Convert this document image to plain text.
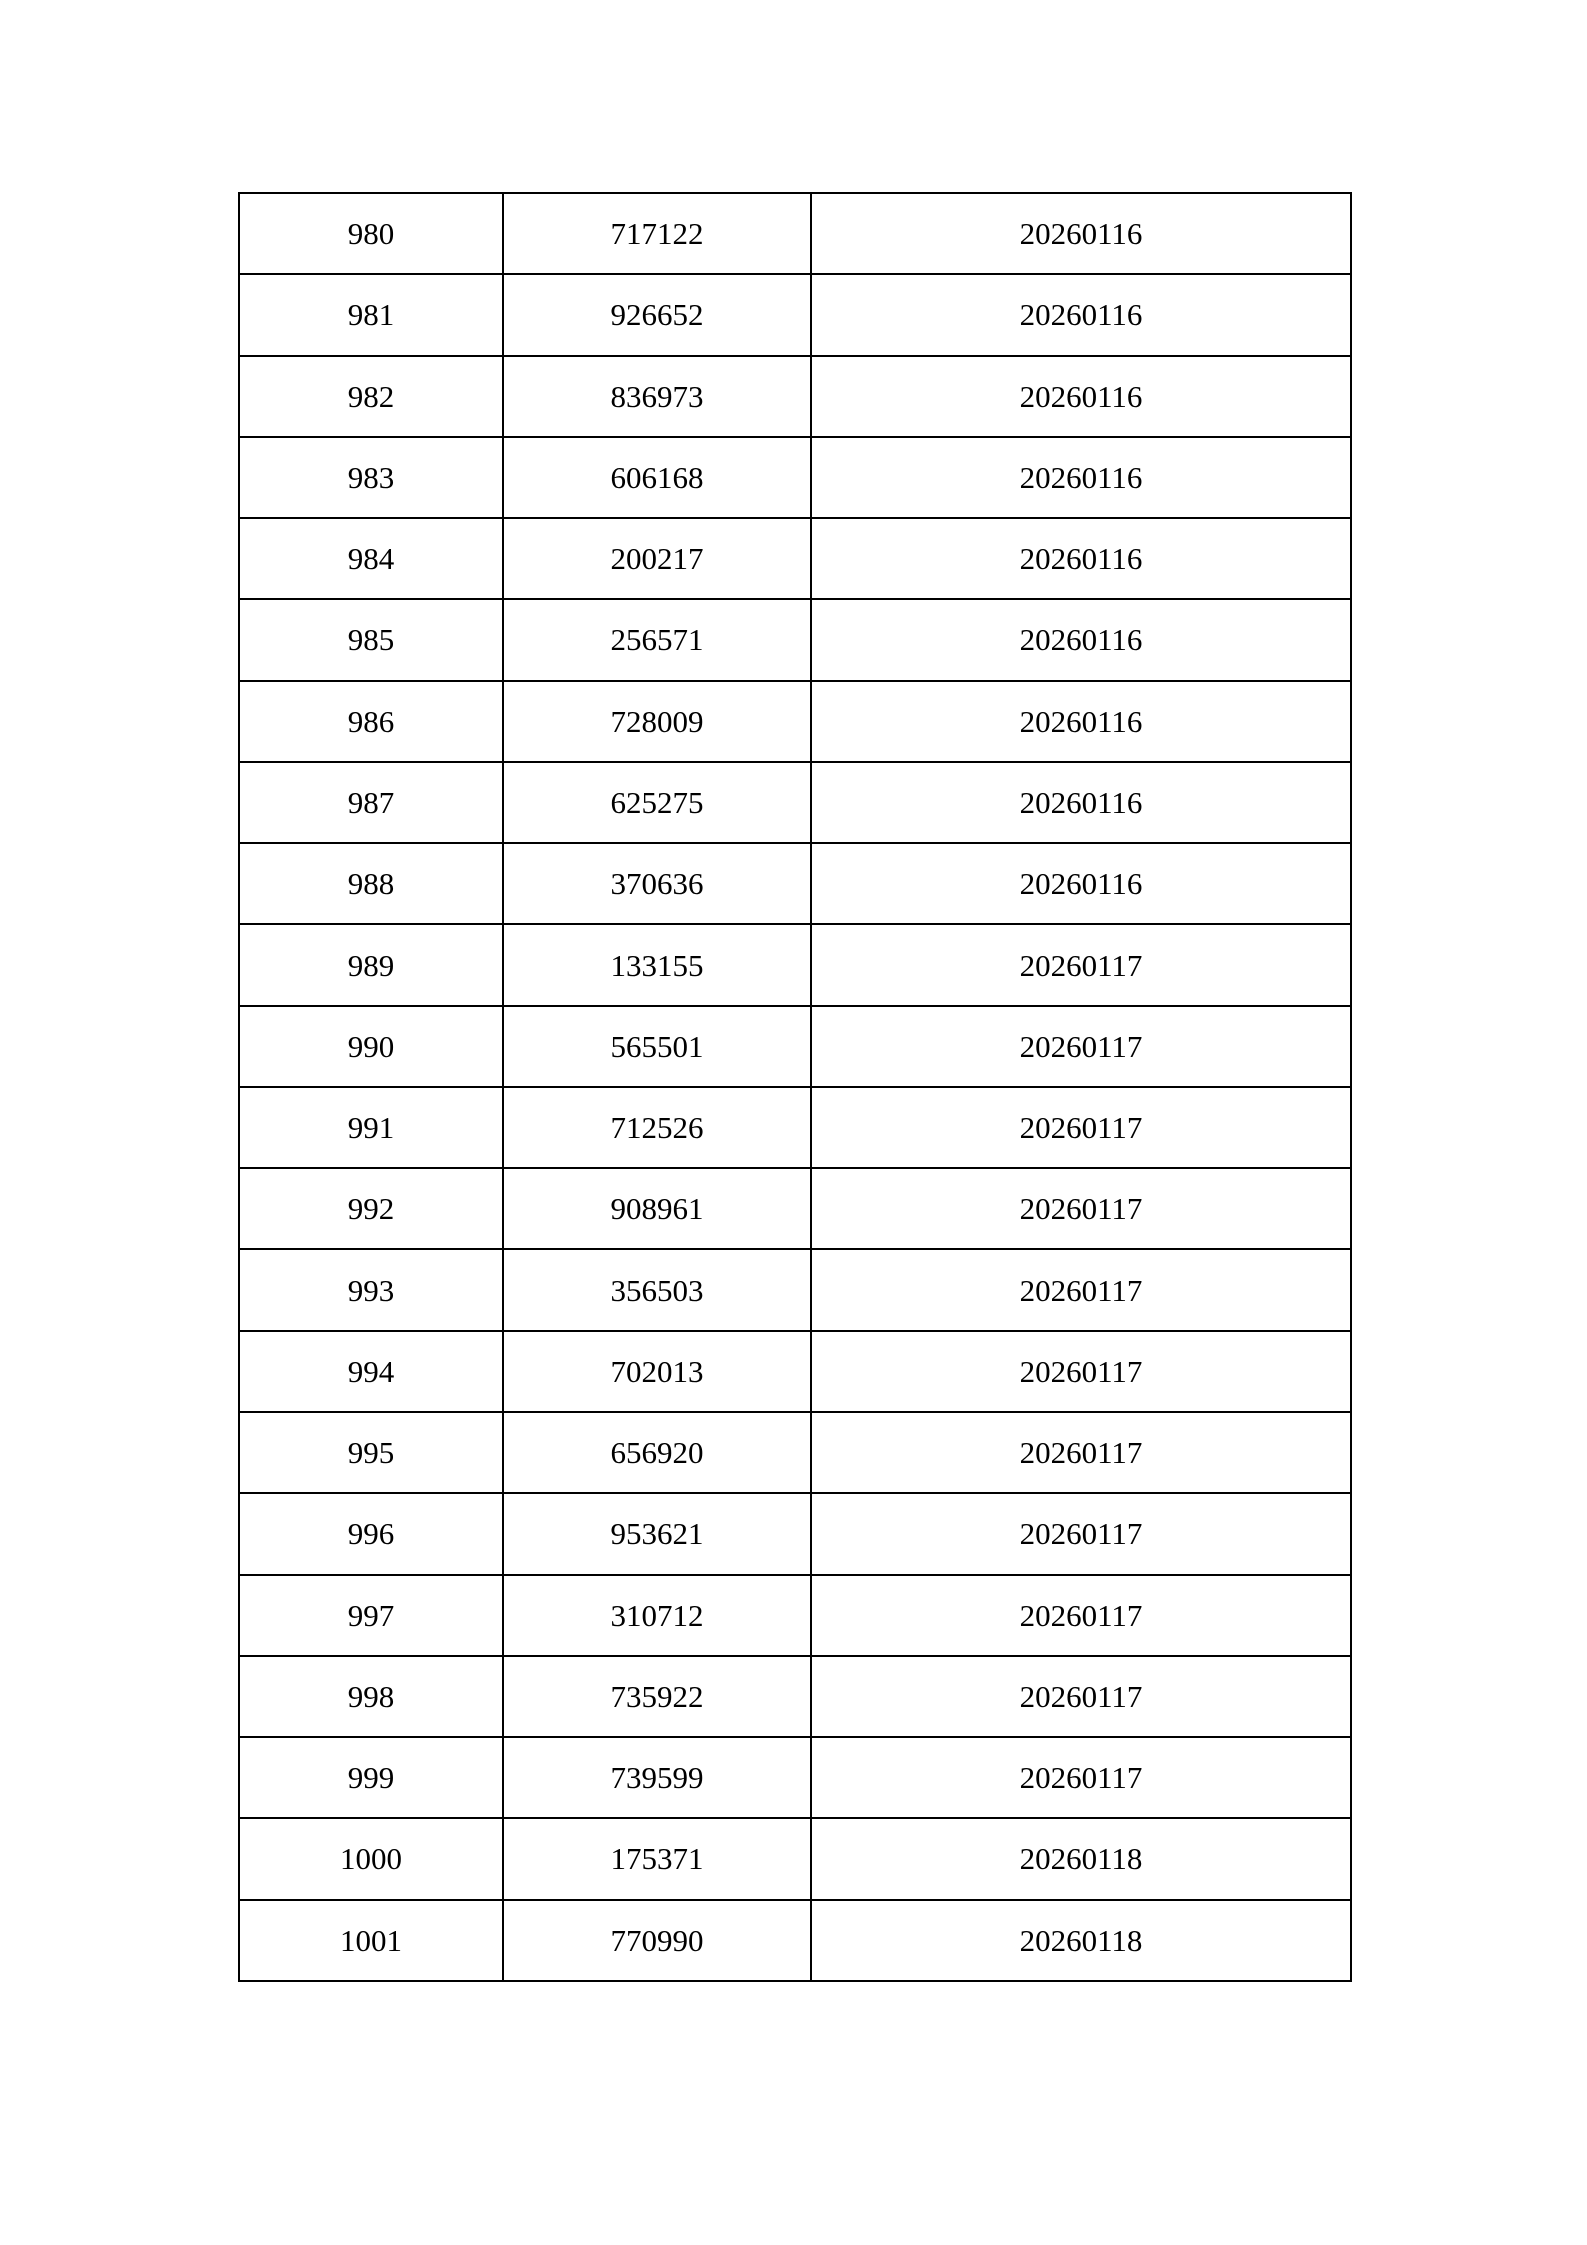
980	717122	20260116
981	926652	20260116
982	836973	20260116
983	606168	20260116
984	200217	20260116
985	256571	20260116
986	728009	20260116
987	625275	20260116
988	370636	20260116
989	133155	20260117
990	565501	20260117
991	712526	20260117
992	908961	20260117
993	356503	20260117
994	702013	20260117
995	656920	20260117
996	953621	20260117
997	310712	20260117
998	735922	20260117
999	739599	20260117
1000	175371	20260118
1001	770990	20260118
